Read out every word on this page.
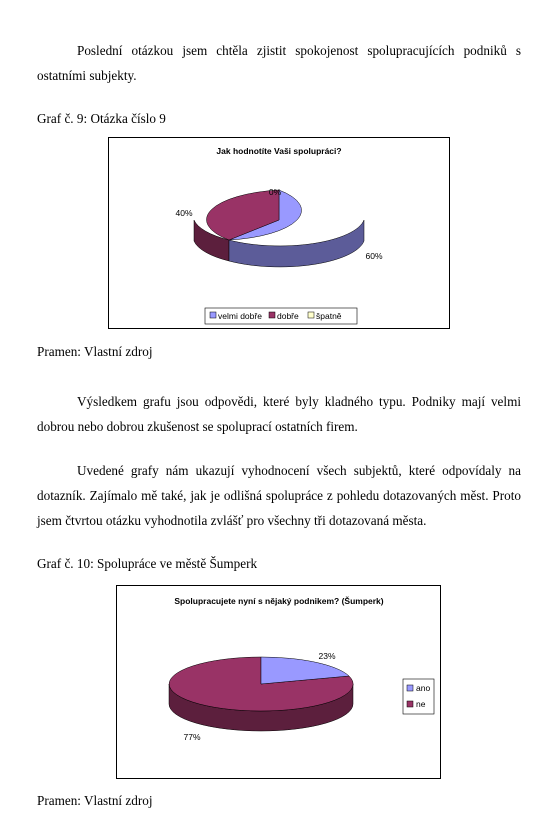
Poslední otázkou jsem chtěla zjistit spokojenost spolupracujících podniků s ostatními subjekty.

Graf č. 9: Otázka číslo 9

Jak hodnotíte Vaši spolupráci?
0%
40%
60%
velmi dobře dobře špatně

Pramen: Vlastní zdroj

Výsledkem grafu jsou odpovědi, které byly kladného typu. Podniky mají velmi dobrou nebo dobrou zkušenost se spoluprací ostatních firem.

Uvedené grafy nám ukazují vyhodnocení všech subjektů, které odpovídaly na dotazník. Zajímalo mě také, jak je odlišná spolupráce z pohledu dotazovaných měst. Proto jsem čtvrtou otázku vyhodnotila zvlášť pro všechny tři dotazovaná města.

Graf č. 10: Spolupráce ve městě Šumperk

Spolupracujete nyní s nějaký podnikem? (Šumperk)
23%
77%
ano
ne

Pramen: Vlastní zdroj
